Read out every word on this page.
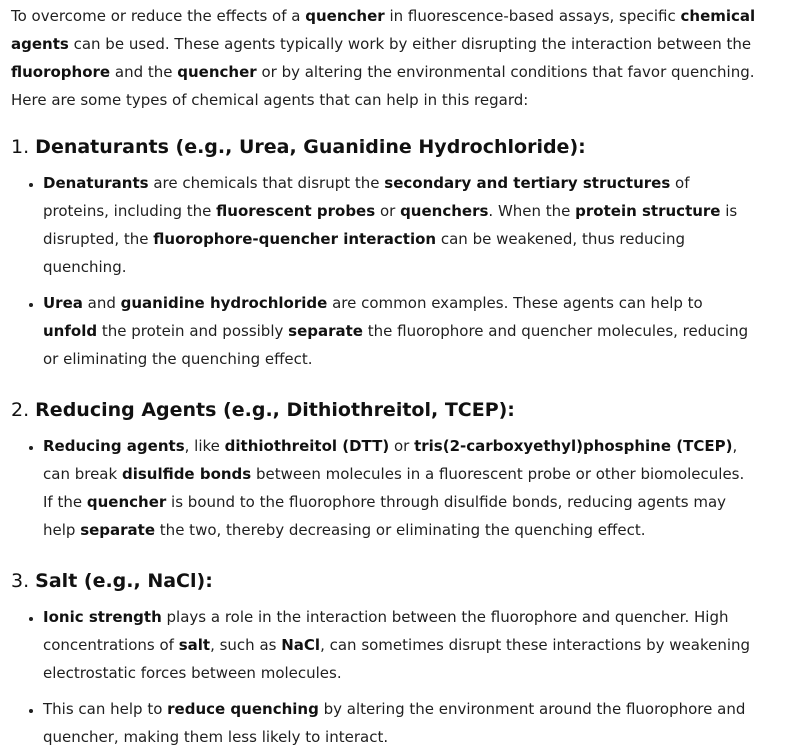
To overcome or reduce the effects of a quencher in fluorescence-based assays, specific chemical agents can be used. These agents typically work by either disrupting the interaction between the fluorophore and the quencher or by altering the environmental conditions that favor quenching. Here are some types of chemical agents that can help in this regard:

1. Denaturants (e.g., Urea, Guanidine Hydrochloride):
• Denaturants are chemicals that disrupt the secondary and tertiary structures of proteins, including the fluorescent probes or quenchers. When the protein structure is disrupted, the fluorophore-quencher interaction can be weakened, thus reducing quenching.
• Urea and guanidine hydrochloride are common examples. These agents can help to unfold the protein and possibly separate the fluorophore and quencher molecules, reducing or eliminating the quenching effect.
2. Reducing Agents (e.g., Dithiothreitol, TCEP):
• Reducing agents, like dithiothreitol (DTT) or tris(2-carboxyethyl)phosphine (TCEP), can break disulfide bonds between molecules in a fluorescent probe or other biomolecules. If the quencher is bound to the fluorophore through disulfide bonds, reducing agents may help separate the two, thereby decreasing or eliminating the quenching effect.
3. Salt (e.g., NaCl):
• Ionic strength plays a role in the interaction between the fluorophore and quencher. High concentrations of salt, such as NaCl, can sometimes disrupt these interactions by weakening electrostatic forces between molecules.
• This can help to reduce quenching by altering the environment around the fluorophore and quencher, making them less likely to interact.
